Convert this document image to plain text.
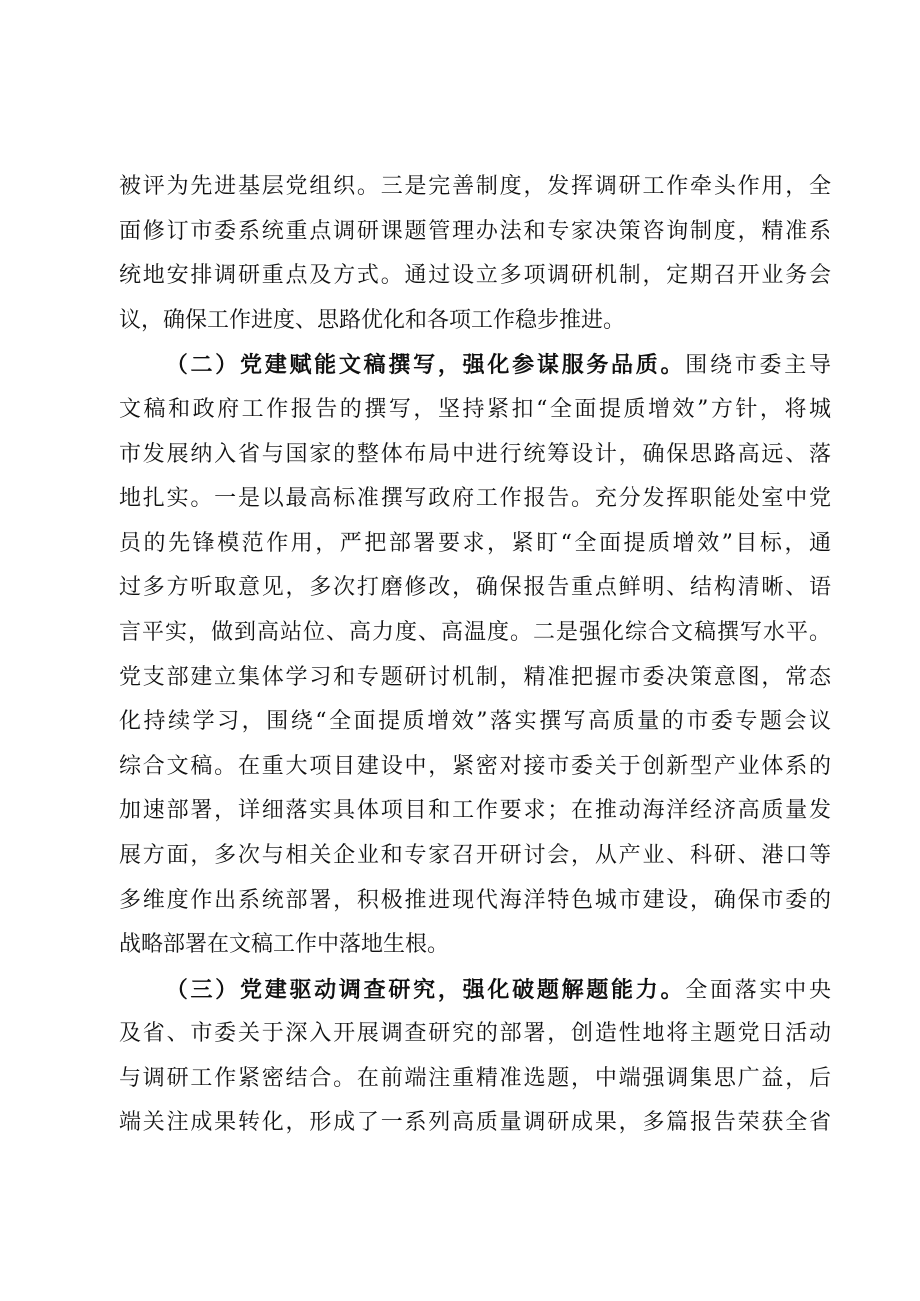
被评为先进基层党组织。三是完善制度，发挥调研工作牵头作用，全
面修订市委系统重点调研课题管理办法和专家决策咨询制度，精准系
统地安排调研重点及方式。通过设立多项调研机制，定期召开业务会
议，确保工作进度、思路优化和各项工作稳步推进。
（二）党建赋能文稿撰写，强化参谋服务品质。围绕市委主导
文稿和政府工作报告的撰写，坚持紧扣“全面提质增效”方针，将城
市发展纳入省与国家的整体布局中进行统筹设计，确保思路高远、落
地扎实。一是以最高标准撰写政府工作报告。充分发挥职能处室中党
员的先锋模范作用，严把部署要求，紧盯“全面提质增效”目标，通
过多方听取意见，多次打磨修改，确保报告重点鲜明、结构清晰、语
言平实，做到高站位、高力度、高温度。二是强化综合文稿撰写水平。
党支部建立集体学习和专题研讨机制，精准把握市委决策意图，常态
化持续学习，围绕“全面提质增效”落实撰写高质量的市委专题会议
综合文稿。在重大项目建设中，紧密对接市委关于创新型产业体系的
加速部署，详细落实具体项目和工作要求；在推动海洋经济高质量发
展方面，多次与相关企业和专家召开研讨会，从产业、科研、港口等
多维度作出系统部署，积极推进现代海洋特色城市建设，确保市委的
战略部署在文稿工作中落地生根。
（三）党建驱动调查研究，强化破题解题能力。全面落实中央
及省、市委关于深入开展调查研究的部署，创造性地将主题党日活动
与调研工作紧密结合。在前端注重精准选题，中端强调集思广益，后
端关注成果转化，形成了一系列高质量调研成果，多篇报告荣获全省
